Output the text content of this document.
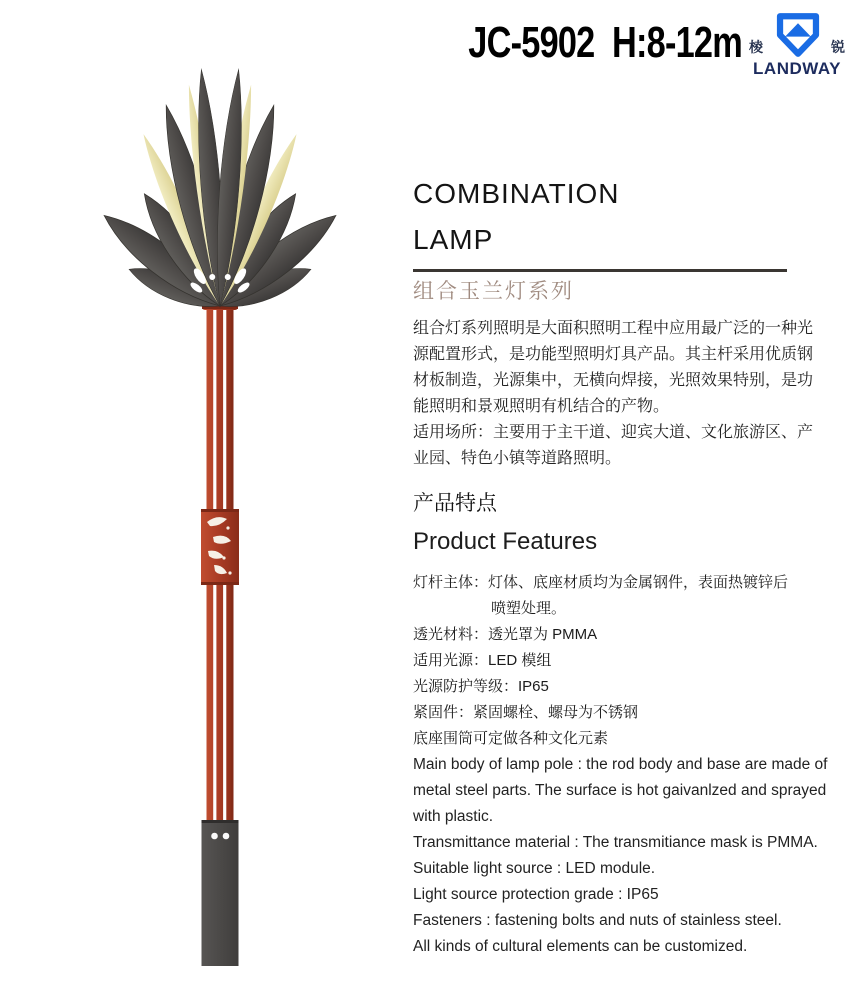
JC-5902  H:8-12m 棱	锐
LANDWAY
COMBINATION
LAMP
组合玉兰灯系列
组合灯系列照明是大面积照明工程中应用最广泛的一种光源配置形式，是功能型照明灯具产品。其主杆采用优质钢材板制造，光源集中，无横向焊接，光照效果特别，是功能照明和景观照明有机结合的产物。
适用场所：主要用于主干道、迎宾大道、文化旅游区、产业园、特色小镇等道路照明。
产品特点
Product Features
灯杆主体：灯体、底座材质均为金属钢件，表面热镀锌后喷塑处理。
透光材料：透光罩为 PMMA
适用光源：LED 模组
光源防护等级：IP65
紧固件：紧固螺栓、螺母为不锈钢
底座围筒可定做各种文化元素
Main body of lamp pole : the rod body and base are made of metal steel parts. The surface is hot gaivanlzed and sprayed with plastic.
Transmittance material : The transmitiance mask is PMMA.
Suitable light source : LED module.
Light source protection grade : IP65
Fasteners : fastening bolts and nuts of stainless steel.
All kinds of cultural elements can be customized.
